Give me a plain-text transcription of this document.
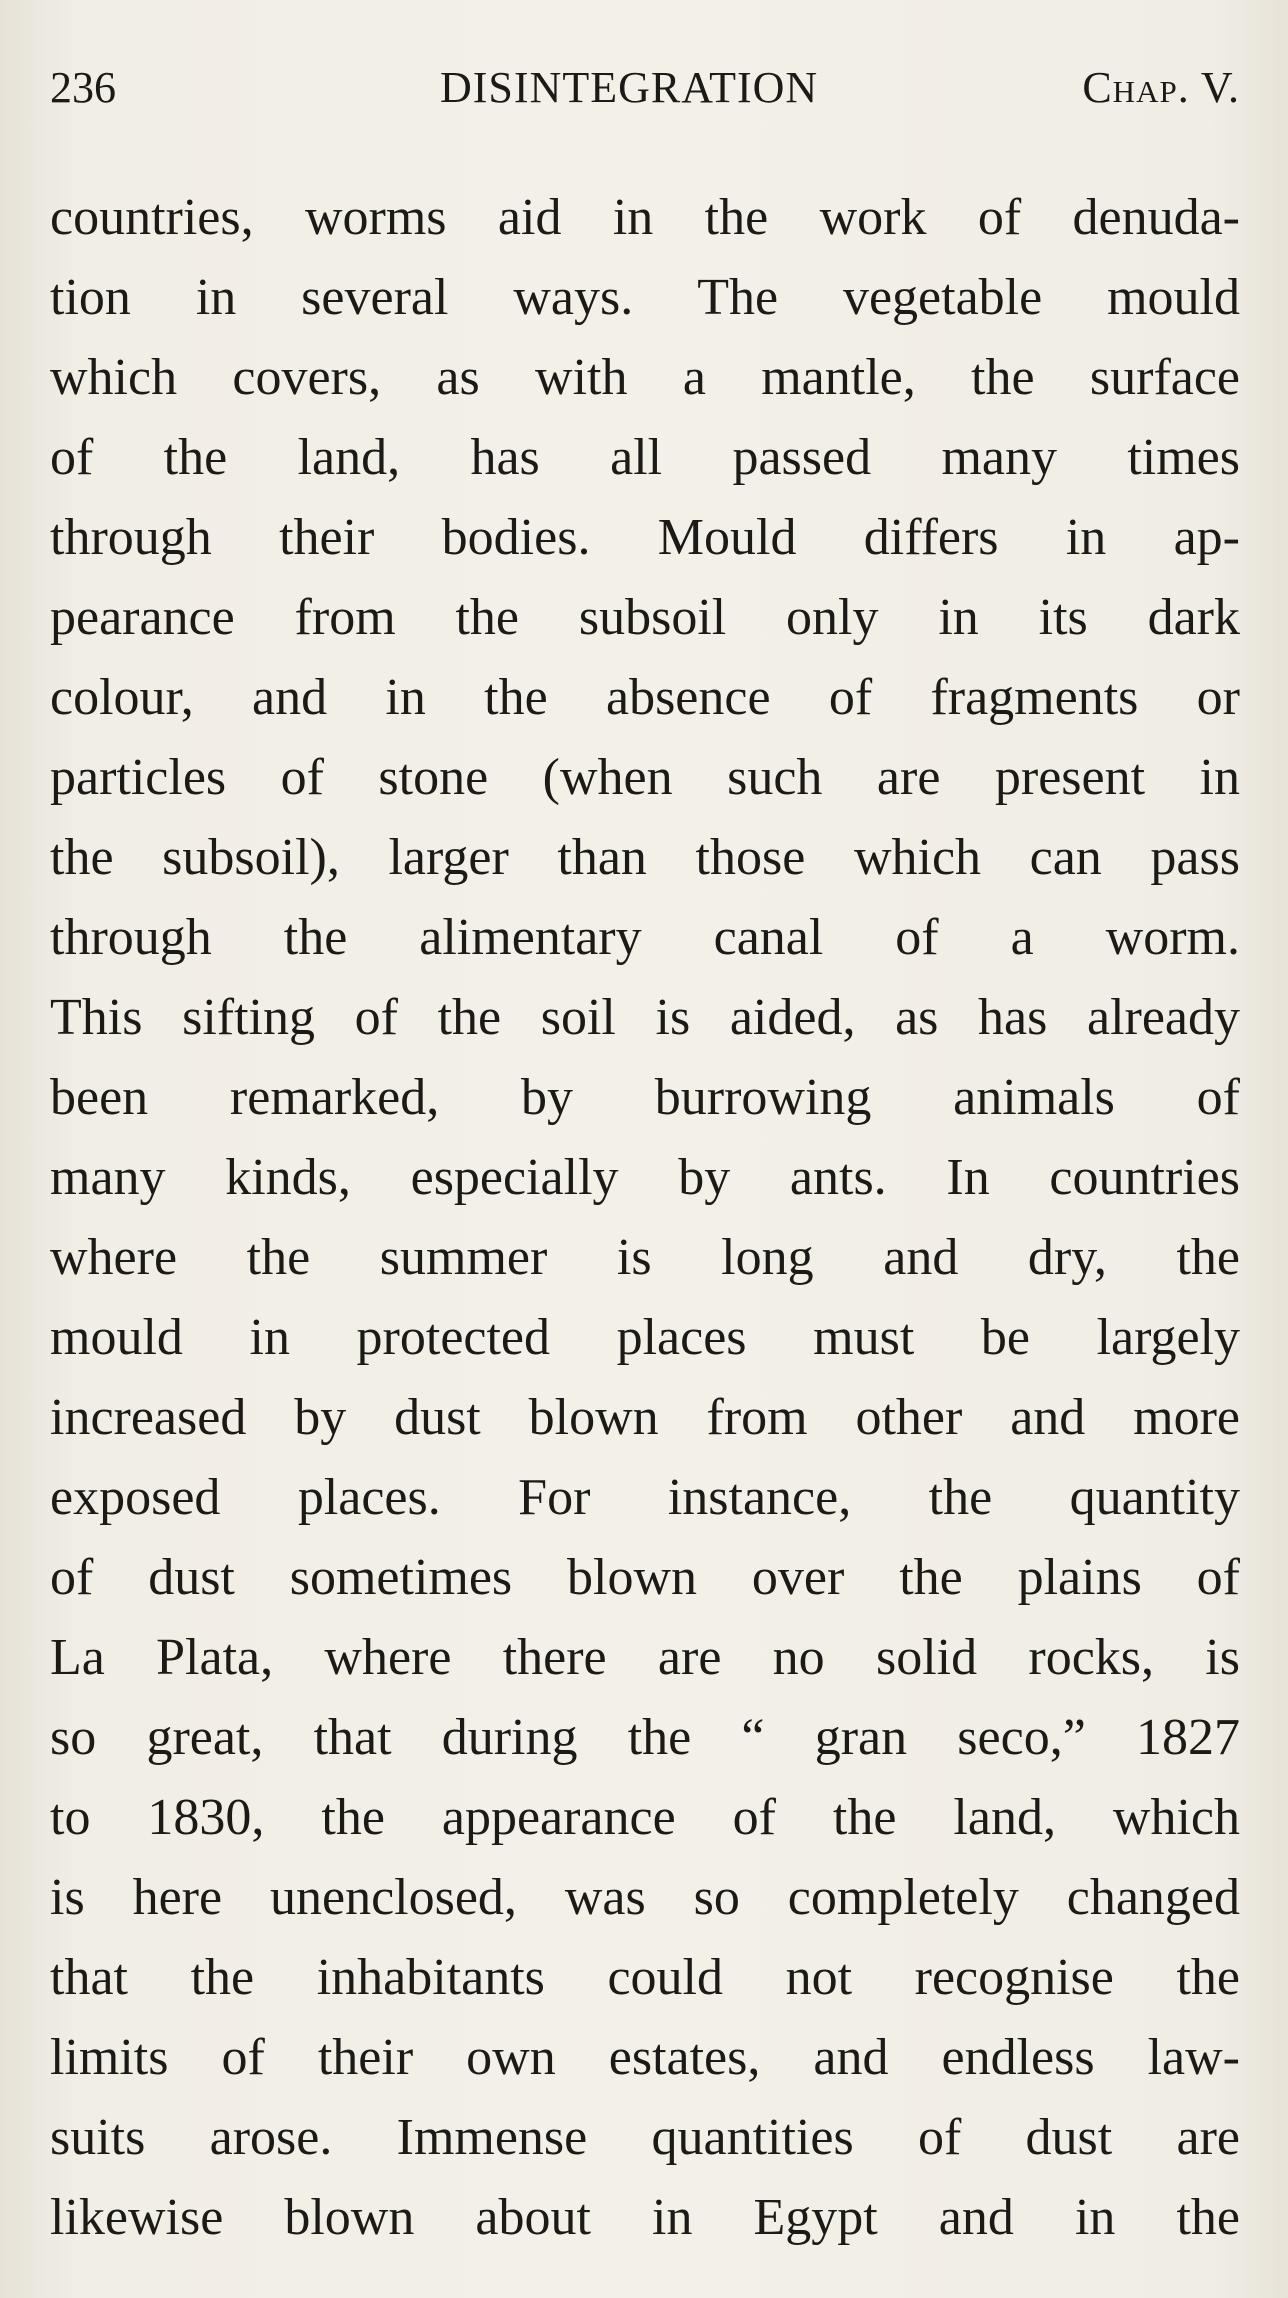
236	DISINTEGRATION	Chap. V.
countries, worms aid in the work of denuda-
tion in several ways. The vegetable mould
which covers, as with a mantle, the surface
of the land, has all passed many times
through their bodies. Mould differs in ap-
pearance from the subsoil only in its dark
colour, and in the absence of fragments or
particles of stone (when such are present in
the subsoil), larger than those which can pass
through the alimentary canal of a worm.
This sifting of the soil is aided, as has already
been remarked, by burrowing animals of
many kinds, especially by ants. In countries
where the summer is long and dry, the
mould in protected places must be largely
increased by dust blown from other and more
exposed places. For instance, the quantity
of dust sometimes blown over the plains of
La Plata, where there are no solid rocks, is
so great, that during the “ gran seco,” 1827
to 1830, the appearance of the land, which
is here unenclosed, was so completely changed
that the inhabitants could not recognise the
limits of their own estates, and endless law-
suits arose. Immense quantities of dust are
likewise blown about in Egypt and in the
